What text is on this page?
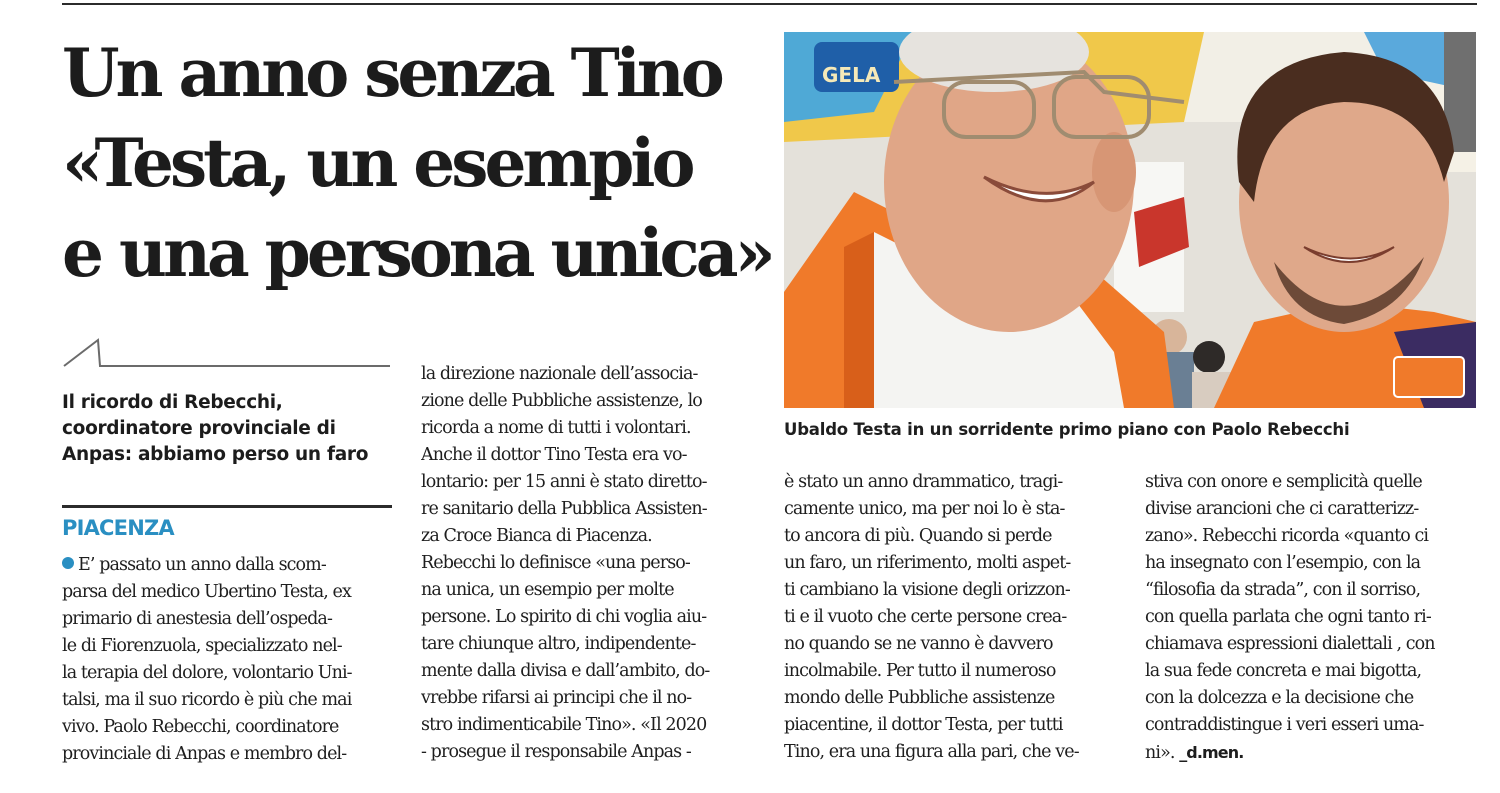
Un anno senza Tino
«Testa, un esempio
e una persona unica»
Il ricordo di Rebecchi,
coordinatore provinciale di
Anpas: abbiamo perso un faro
PIACENZA
E’ passato un anno dalla scom-
parsa del medico Ubertino Testa, ex
primario di anestesia dell’ospeda-
le di Fiorenzuola, specializzato nel-
la terapia del dolore, volontario Uni-
talsi, ma il suo ricordo è più che mai
vivo. Paolo Rebecchi, coordinatore
provinciale di Anpas e membro del-
la direzione nazionale dell’associa-
zione delle Pubbliche assistenze, lo
ricorda a nome di tutti i volontari.
Anche il dottor Tino Testa era vo-
lontario: per 15 anni è stato diretto-
re sanitario della Pubblica Assisten-
za Croce Bianca di Piacenza.
Rebecchi lo definisce «una perso-
na unica, un esempio per molte
persone. Lo spirito di chi voglia aiu-
tare chiunque altro, indipendente-
mente dalla divisa e dall’ambito, do-
vrebbe rifarsi ai principi che il no-
stro indimenticabile Tino». «Il 2020
- prosegue il responsabile Anpas -
GELA
Ubaldo Testa in un sorridente primo piano con Paolo Rebecchi
è stato un anno drammatico, tragi-
camente unico, ma per noi lo è sta-
to ancora di più. Quando si perde
un faro, un riferimento, molti aspet-
ti cambiano la visione degli orizzon-
ti e il vuoto che certe persone crea-
no quando se ne vanno è davvero
incolmabile. Per tutto il numeroso
mondo delle Pubbliche assistenze
piacentine, il dottor Testa, per tutti
Tino, era una figura alla pari, che ve-
stiva con onore e semplicità quelle
divise arancioni che ci caratterizz-
zano». Rebecchi ricorda «quanto ci
ha insegnato con l’esempio, con la
“filosofia da strada”, con il sorriso,
con quella parlata che ogni tanto ri-
chiamava espressioni dialettali , con
la sua fede concreta e mai bigotta,
con la dolcezza e la decisione che
contraddistingue i veri esseri uma-
ni». _d.men.
